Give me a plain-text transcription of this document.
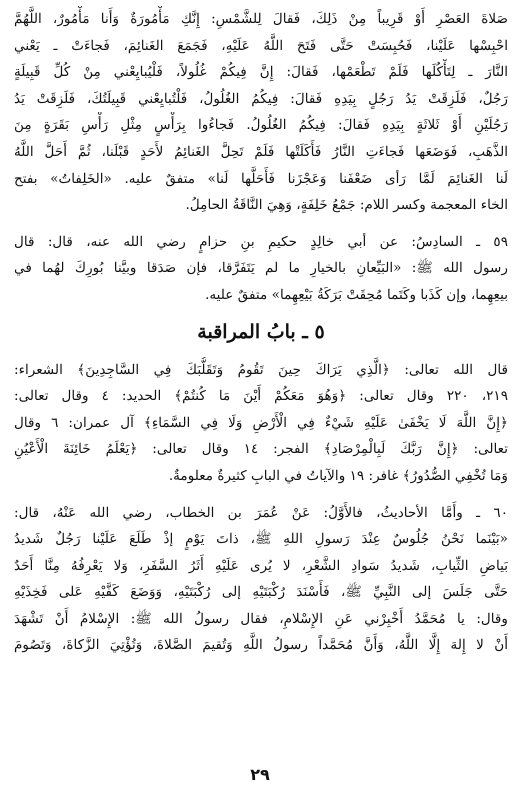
صَلاةَ العَصْرِ أَوْ قَرِيباً مِنْ ذَلِكَ، فَقالَ لِلشَّمْسِ: إِنَّكِ مَأْمُورَةٌ وَأَنا مَأْمُورٌ، اللَّهُمَّ
احْبِسْها عَلَيْنا، فَحُبِسَتْ حَتَّى فَتَحَ اللَّهُ عَلَيْهِ، فَجَمَعَ الغَنائِمَ، فَجاءَتْ ـ يَعْني
النَّارَ ـ لِتَأْكُلَها فَلَمْ تَطْعَمْها، فَقالَ: إِنَّ فِيكُمْ غُلُولاً، فَلْيُبايِعْني مِنْ كُلِّ قَبِيلَةٍ
رَجُلٌ، فَلَزِقَتْ يَدُ رَجُلٍ بِيَدِهِ فَقالَ: فِيكُمُ الغُلُولُ، فَلْتُبايِعْني قَبِيلَتُكَ، فَلَزِقَتْ يَدُ
رَجُلَيْنِ أَوْ ثَلاثَةٍ بِيَدِهِ فَقالَ: فِيكُمُ الغُلُولُ. فَجاءُوا بِرَأْسٍ مِثْلِ رَأْسِ بَقَرَةٍ مِنَ
الذَّهَبِ، فَوَضَعَها فَجاءَتِ النَّارُ فَأَكَلَتْها فَلَمْ تَحِلَّ الغَنائِمُ لأَحَدٍ قَبْلَنا، ثُمَّ أَحَلَّ اللَّهُ
لَنا الغَنائِمَ لَمَّا رَأى ضَعْفَنا وَعَجْزَنا فَأَحَلَّها لَنا» متفقٌ عليه. «الخَلِفاتُ» بفتح
الخاء المعجمة وكسر اللام: جَمْعُ خَلِفَةٍ، وَهِيَ النَّاقَةُ الحامِلُ.
٥٩ ـ السادِسُ: عن أبي خالِدٍ حكيمِ بنِ حزامٍ رضي الله عنه، قال: قال
رسول الله ﷺ: «البَيِّعانِ بالخيارِ ما لم يَتَفَرَّقا، فإن صَدَقا وبيَّنا بُورِكَ لهُما في
بيعِهِما، وإن كَذَبا وكَتَما مُحِقَتْ بَرَكَةُ بَيْعِهِما» متفقٌ عليه.
٥ ـ بابُ المراقبة
قال الله تعالى: ﴿الَّذِي يَرَاكَ حِينَ تَقُومُ وَتَقَلُّبَكَ فِي السَّاجِدِينَ﴾ الشعراء:
٢١٩، ٢٢٠ وقال تعالى: ﴿وَهُوَ مَعَكُمْ أَيْنَ مَا كُنتُمْ﴾ الحديد: ٤ وقال تعالى:
﴿إِنَّ اللَّهَ لَا يَخْفَىٰ عَلَيْهِ شَيْءٌ فِي الْأَرْضِ وَلَا فِي السَّمَاءِ﴾ آل عمران: ٦ وقال
تعالى: ﴿إِنَّ رَبَّكَ لَبِالْمِرْصَادِ﴾ الفجر: ١٤ وقال تعالى: ﴿يَعْلَمُ خَائِنَةَ الْأَعْيُنِ
وَمَا تُخْفِي الصُّدُورُ﴾ غافر: ١٩ والآياتُ في البابِ كثيرةٌ معلومةٌ.
٦٠ ـ وأَمَّا الأحاديثُ، فالأَوَّلُ: عَنْ عُمَرَ بن الخطاب، رضي الله عَنْهُ، قال:
«بَيْنَما نَحْنُ جُلُوسٌ عِنْدَ رَسولِ اللهِ ﷺ، ذاتَ يَوْمٍ إذْ طَلَعَ عَلَيْنا رَجُلٌ شَديدُ
بَياضِ الثِّيابِ، شَديدُ سَوادِ الشَّعْرِ، لا يُرى عَلَيْهِ أَثَرُ السَّفَرِ، وَلا يَعْرِفُهُ مِنَّا أَحَدٌ
حَتَّى جَلَسَ إلى النَّبِيِّ ﷺ، فَأَسْنَدَ رُكْبَتَيْهِ إلى رُكْبَتَيْهِ، وَوَضَعَ كَفَّيْهِ عَلى فَخِذَيْهِ
وقال: يا مُحَمَّدُ أَخْبِرْني عَنِ الإِسْلامِ، فقال رسولُ الله ﷺ: الإِسْلامُ أَنْ تَشْهَدَ
أَنْ لا إِلهَ إِلَّا اللَّهُ، وَأَنَّ مُحَمَّداً رسولُ اللَّهِ وَتُقيمَ الصَّلاةَ، وَتُؤْتِيَ الزَّكاةَ، وَتَصُومَ
٢٩
